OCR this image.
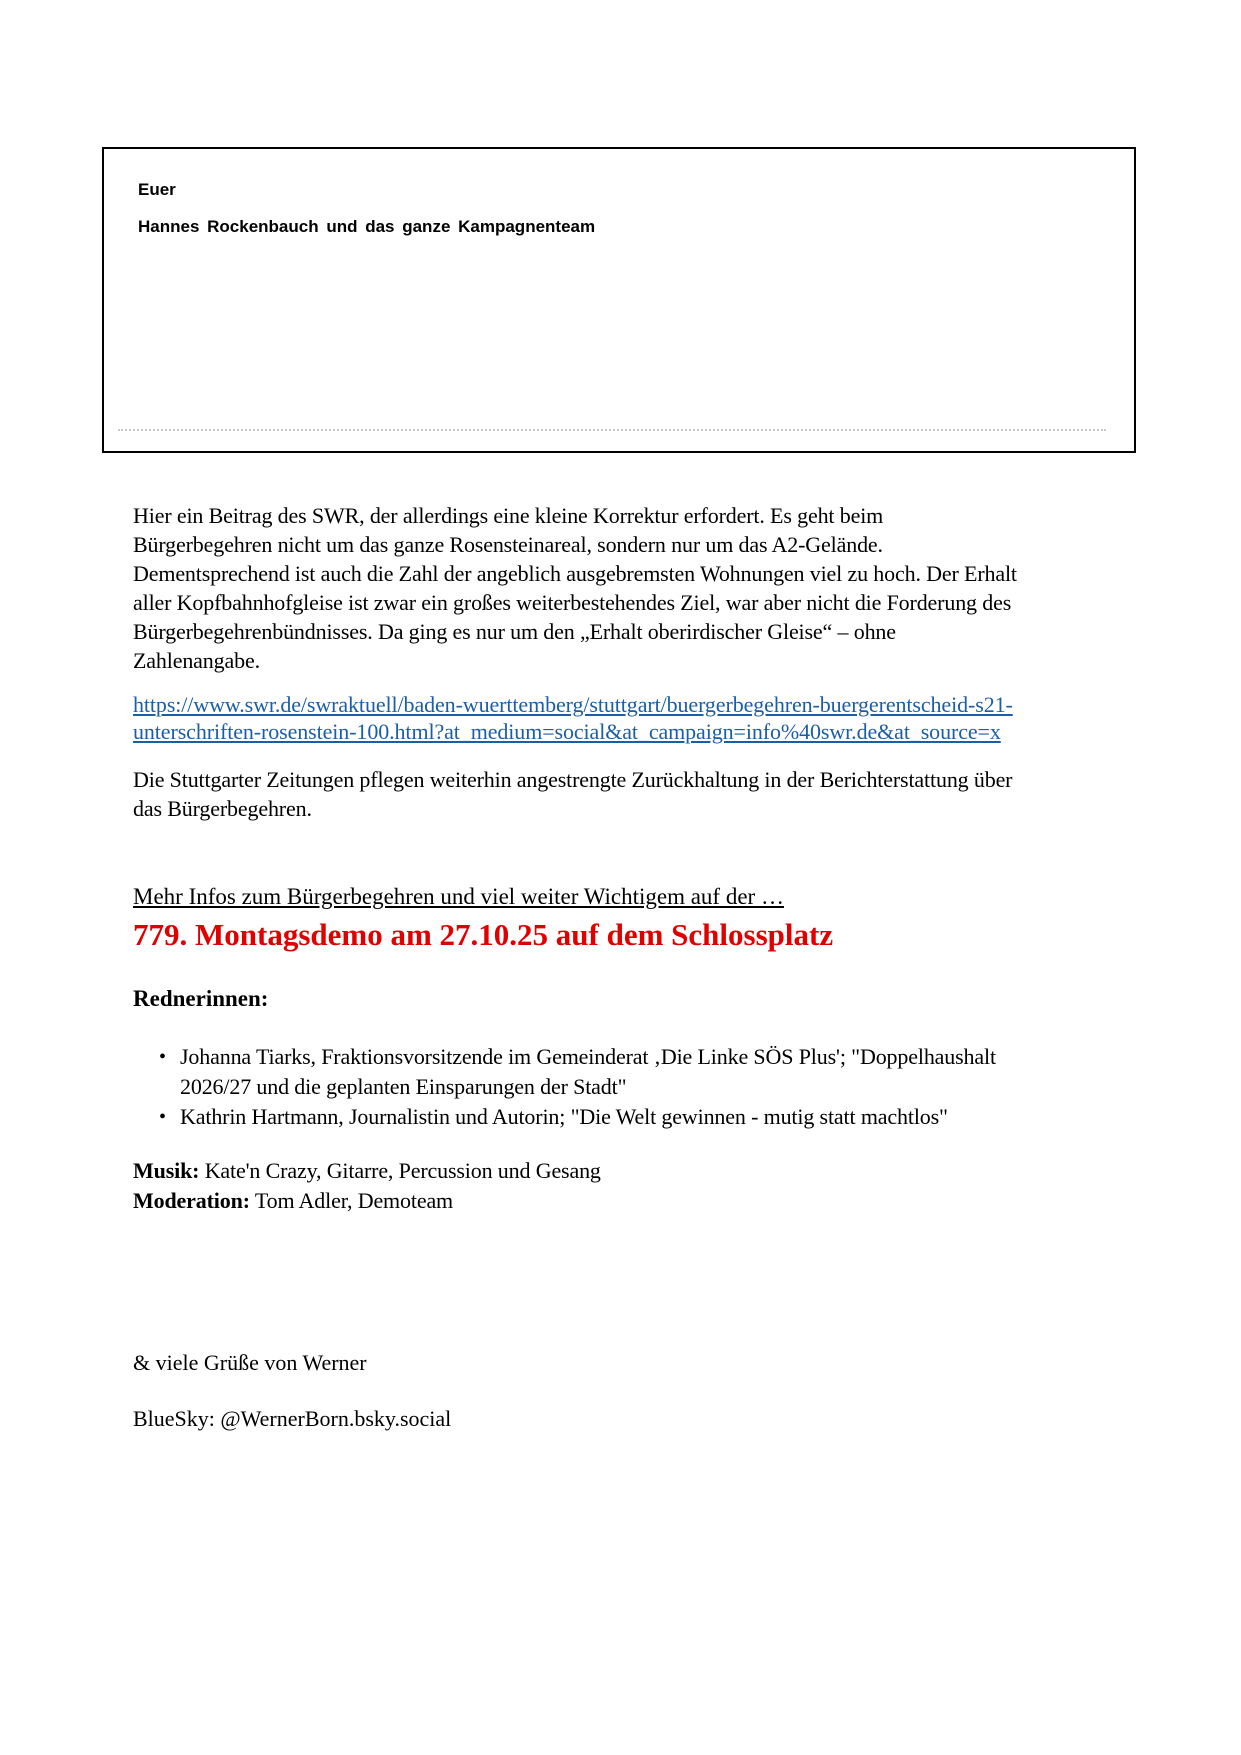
Euer

Hannes Rockenbauch und das ganze Kampagnenteam

Hier ein Beitrag des SWR, der allerdings eine kleine Korrektur erfordert. Es geht beim Bürgerbegehren nicht um das ganze Rosensteinareal, sondern nur um das A2-Gelände. Dementsprechend ist auch die Zahl der angeblich ausgebremsten Wohnungen viel zu hoch. Der Erhalt aller Kopfbahnhofgleise ist zwar ein großes weiterbestehendes Ziel, war aber nicht die Forderung des Bürgerbegehrenbündnisses. Da ging es nur um den „Erhalt oberirdischer Gleise“ – ohne Zahlenangabe.

https://www.swr.de/swraktuell/baden-wuerttemberg/stuttgart/buergerbegehren-buergerentscheid-s21-unterschriften-rosenstein-100.html?at_medium=social&at_campaign=info%40swr.de&at_source=x

Die Stuttgarter Zeitungen pflegen weiterhin angestrengte Zurückhaltung in der Berichterstattung über das Bürgerbegehren.

Mehr Infos zum Bürgerbegehren und viel weiter Wichtigem auf der …

779. Montagsdemo am 27.10.25 auf dem Schlossplatz

Rednerinnen:

• Johanna Tiarks, Fraktionsvorsitzende im Gemeinderat ‚Die Linke SÖS Plus'; "Doppelhaushalt 2026/27 und die geplanten Einsparungen der Stadt"
• Kathrin Hartmann, Journalistin und Autorin; "Die Welt gewinnen - mutig statt machtlos"

Musik: Kate'n Crazy, Gitarre, Percussion und Gesang

Moderation: Tom Adler, Demoteam

& viele Grüße von Werner

BlueSky: @WernerBorn.bsky.social
